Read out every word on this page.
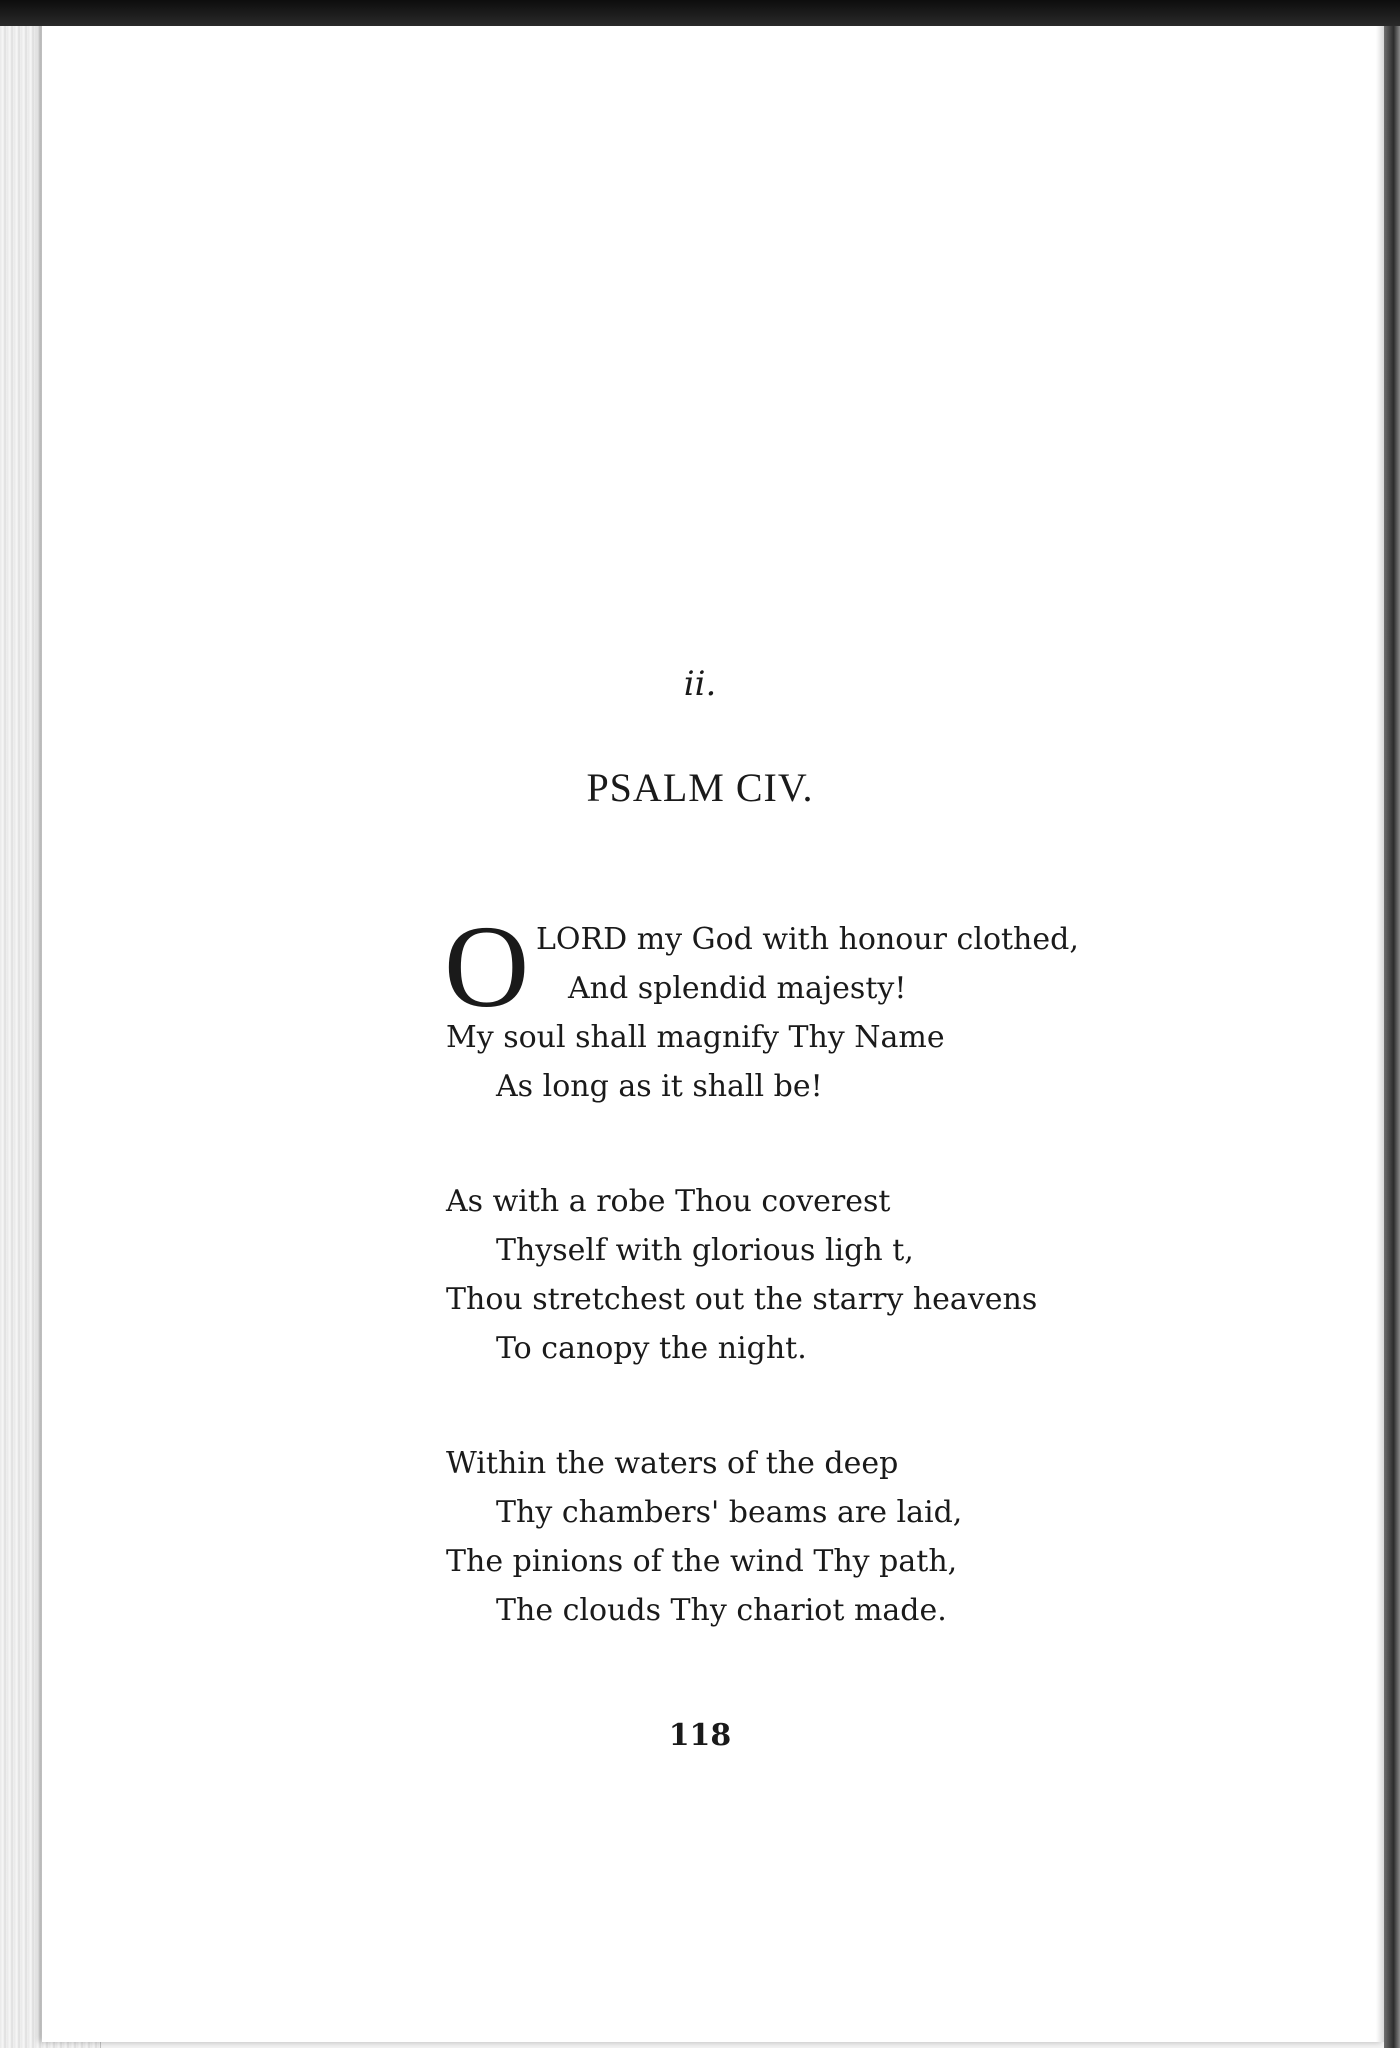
ii.
PSALM CIV.
O LORD my God with honour clothed,
And splendid majesty!
My soul shall magnify Thy Name
As long as it shall be!
As with a robe Thou coverest
Thyself with glorious ligh t,
Thou stretchest out the starry heavens
To canopy the night.
Within the waters of the deep
Thy chambers' beams are laid,
The pinions of the wind Thy path,
The clouds Thy chariot made.
118
